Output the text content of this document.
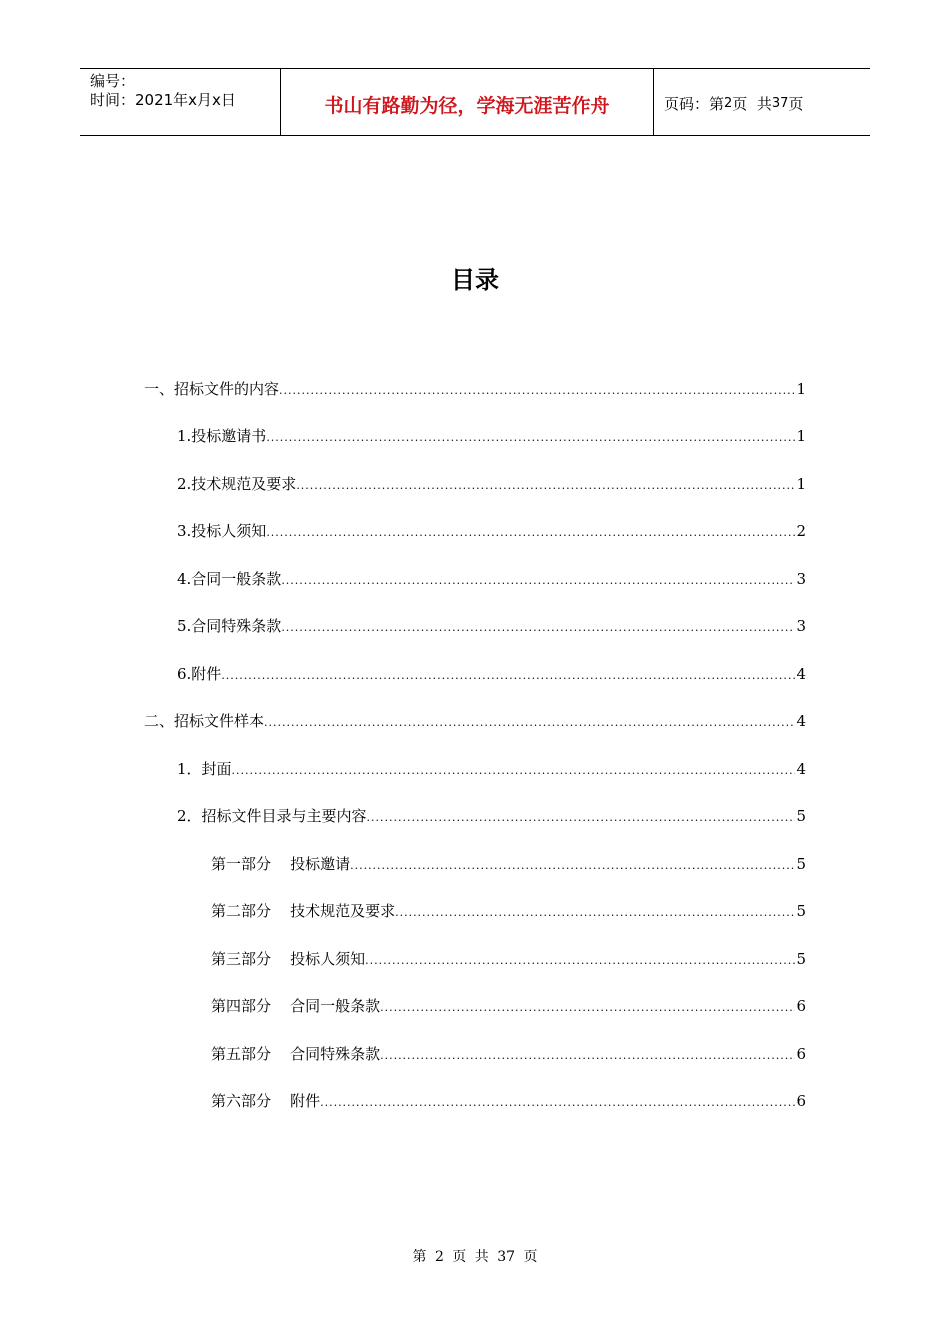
编号：
时间：2021年x月x日	书山有路勤为径，学海无涯苦作舟	页码：第 2 页  共 37 页
目录
一、招标文件的内容 .....	1
1.投标邀请书 .....	1
2.技术规范及要求 .....	1
3.投标人须知 .....	2
4.合同一般条款 .....	3
5.合同特殊条款 .....	3
6.附件 .....	4
二、招标文件样本 .....	4
1．封面 .....	4
2．招标文件目录与主要内容 .....	5
第一部分    投标邀请 .....	5
第二部分    技术规范及要求 .....	5
第三部分    投标人须知 .....	5
第四部分    合同一般条款 .....	6
第五部分    合同特殊条款 .....	6
第六部分    附件 .....	6
第 2 页 共 37 页
